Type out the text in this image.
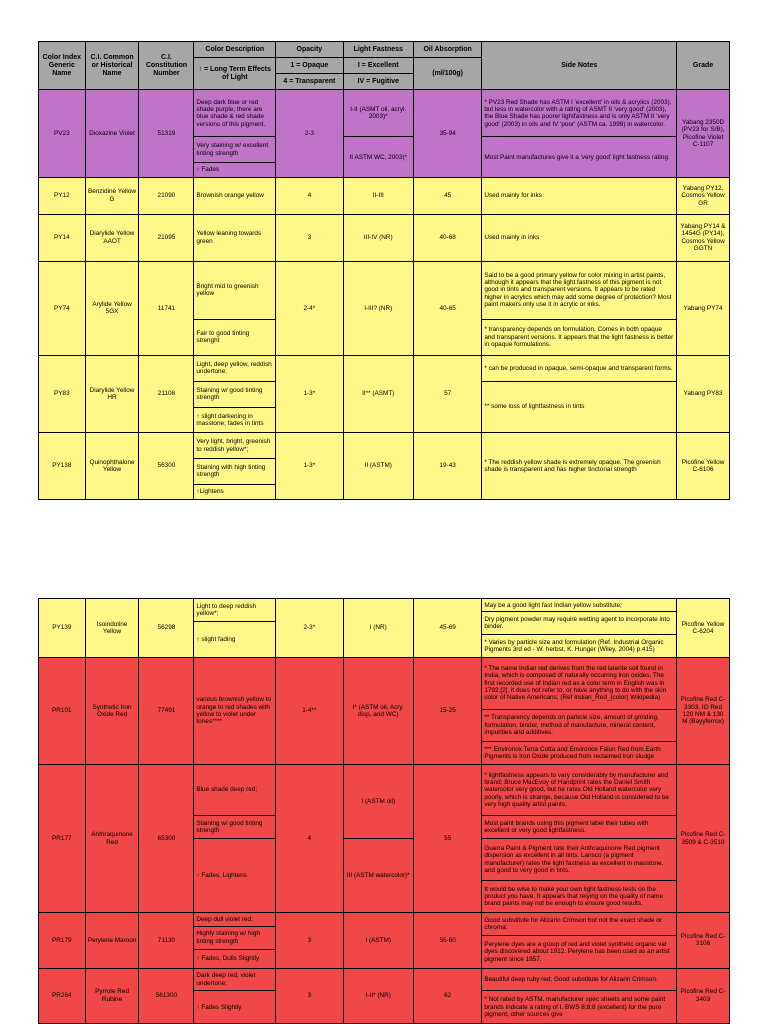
Color Index Generic Name	C.I. Common or Historical Name	C.I. Constitution Number	Color Description	Opacity	Light Fastness	Oil Absorption	Side Notes	Grade
			↑ = Long Term Effects of Light	1 = Opaque	I = Excellent	(ml/100g)		
				4 = Transparent	IV = Fugitive			
PV23	Dioxazine Violet	51319	Deep dark blue or red shade purple; there are blue shade & red shade versions of this pigment.	2-3	I-II (ASMT oil, acryl. 2003)*	35-94	* PV23 Red Shade has ASTM I 'excellent' in oils & acrylics (2003), but less in watercolor with a rating of ASMT II 'very good' (2003), the Blue Shade has poorer lightfastness and is only ASTM II 'very good' (2003) in oils and IV 'poor' (ASTM ca. 1999) in watercolor.	Yabang 2350D (PV23 for S/B), Picofine Violet C-1107

			Very staining w/ excellent tinting strength					
					II ASTM WC, 2003)*		Most Paint manufactures give it a 'very good' light fastness rating.	
			↑ Fades					

PY12	Benzidine Yellow G	21090	Brownish orange yellow	4	II-III	45	Used mainly for inks	Yabang PY12, Cosmos Yellow GR
PY14	Diarylide Yellow AAOT	21095	Yellow leaning towards green	3	III-IV (NR)	40-68	Used mainly in inks	Yabang PY14 & 1454G (PY14), Cosmos Yellow GGTN
PY74	Arylide Yellow 5GX	11741	Bright mid to greenish yellow	2-4*	I-III? (NR)	40-65	Said to be a good primary yellow for color mixing in artist paints, although it appears that the light fastness of this pigment is not good in tints and transparent versions. It appears to be rated higher in acrylics which may add some degree of protection? Most paint makers only use it in acrylic or inks.	Yabang PY74
			Fair to good tinting strenght				* transparency depends on formulation. Comes in both opaque and transparent versions. It appears that the light fastness is better in opaque formulations.	
PY83	Diarylide Yellow HR	21108	Light, deep yellow, reddish undertone;	1-3*	II** (ASMT)	57	* can be produced in opaque, semi-opaque and transparent forms.	Yabang PY83

			Staining w/ good tinting strength					
							** some loss of lightfastness in tints	
			↑ slight darkening in masstone; fades in tints					

PY138	Quinophthalone Yellow	56300	Very light, bright, greenish to reddish yellow*;	1-3*	II (ASTM)	19-43	* The reddish yellow shade is extremely opaque. The greenish shade is transparent and has higher tinctorial strength	Picofine Yellow C-6106
			Staining with high tinting strength					
			↑Lightens					
PY139	Isoindoline Yellow	56298	Light to deep reddish yellow*;	2-3*	I (NR)	45-69	May be a good light fast Indian yellow substitute;	Picofine Yellow C-6204

							Dry pigment powder may require wetting agent to incorporate into binder.	
			↑ slight fading					
							* Varies by particle size and formulation (Ref. Industrial Organic Pigments 3rd ed - W. herbst, K. Hunger (Wiley, 2004) p.415)	

PR101	Synthetic Iron Oxide Red	77491	various brownish yellow to orange to red shades with yellow to violet under tones****	1-4**	I* (ASTM oil, Acry. disp, and WC)	15-25	* The name Indian red derives from the red laterite soil found in India, which is composed of naturally occurring iron oxides. The first recorded use of Indian red as a color term in English was in 1792.[2], it does not refer to, or have anything to do with the skin color of Native Americans; (Ref Indian_Red_(color) Wikipedia)	Picofine Red C-3303, IO Red 120 NM & 130 M (Bayyferrox)
							** Transparency depends on particle size, amount of grinding, formulation, binder, method of manufacture, mineral content, impurities and additives.	
							*** Environox Terra Cotta and Environox Falun Red from Earth Pigments is Iron Oxide produced from reclaimed iron sludge	
PR177	Anthraquinone Red	65300	Blue shade deep red;	4	I (ASTM oil)	55	* lightfastness appears to vary considerably by manufacturer and brand; Bruce MacEvoy of Handprint rates the Daniel Smith watercolor very good, but he rates Old Holland watercolor very poorly, which is strange, because Old Holland is considered to be very high quality artist paints.	Picofine Red C-3509 & C-3510

							Most paint brands using this pigment label their tubes with excellent or very good lightfastness.	
			Staining w/ good tinting strength					

					III (ASTM watercolor)*		Guerra Paint & Pigment rate their Anthraquinone Red pigment dispersion as excellent in all tints. Lansco (a pigment manufacturer) rates the light fastness as excellent in masstone, and good to very good in tints.	

			↑ Fades, Lightens					
							It would be wise to make your own light fastness tests on the product you have. It appears that relying on the quality of name brand paints may not be enough to ensure good results.	

PR179	Perylene Maroon	71130	Deep dull violet red;	3	I (ASTM)	55-60	Good substitute for Alizarin Crimson but not the exact shade or chroma;	Picofine Red C-3106

			Highly staining w/ high tinting strength					
							Perylene dyes are a group of red and violet synthetic organic vat dyes discovered about 1912. Perylene has been used as an artist pigment since 1957.	
			↑ Fades, Dulls Slightly					

PR264	Pyrrole Red Rubine	561300	Dark deep red, violet undertone;	3	I-II* (NR)	62	Beautiful deep ruby red; Good substitute for Alizarin Crimson.	Picofine Red C-3403
			↑ Fades Slightly				* Not rated by ASTM, manufacturer spec sheets and some paint brands indicate a rating of I, BWS 8;8;8 (excellent) for the pure pigment, other sources give	
